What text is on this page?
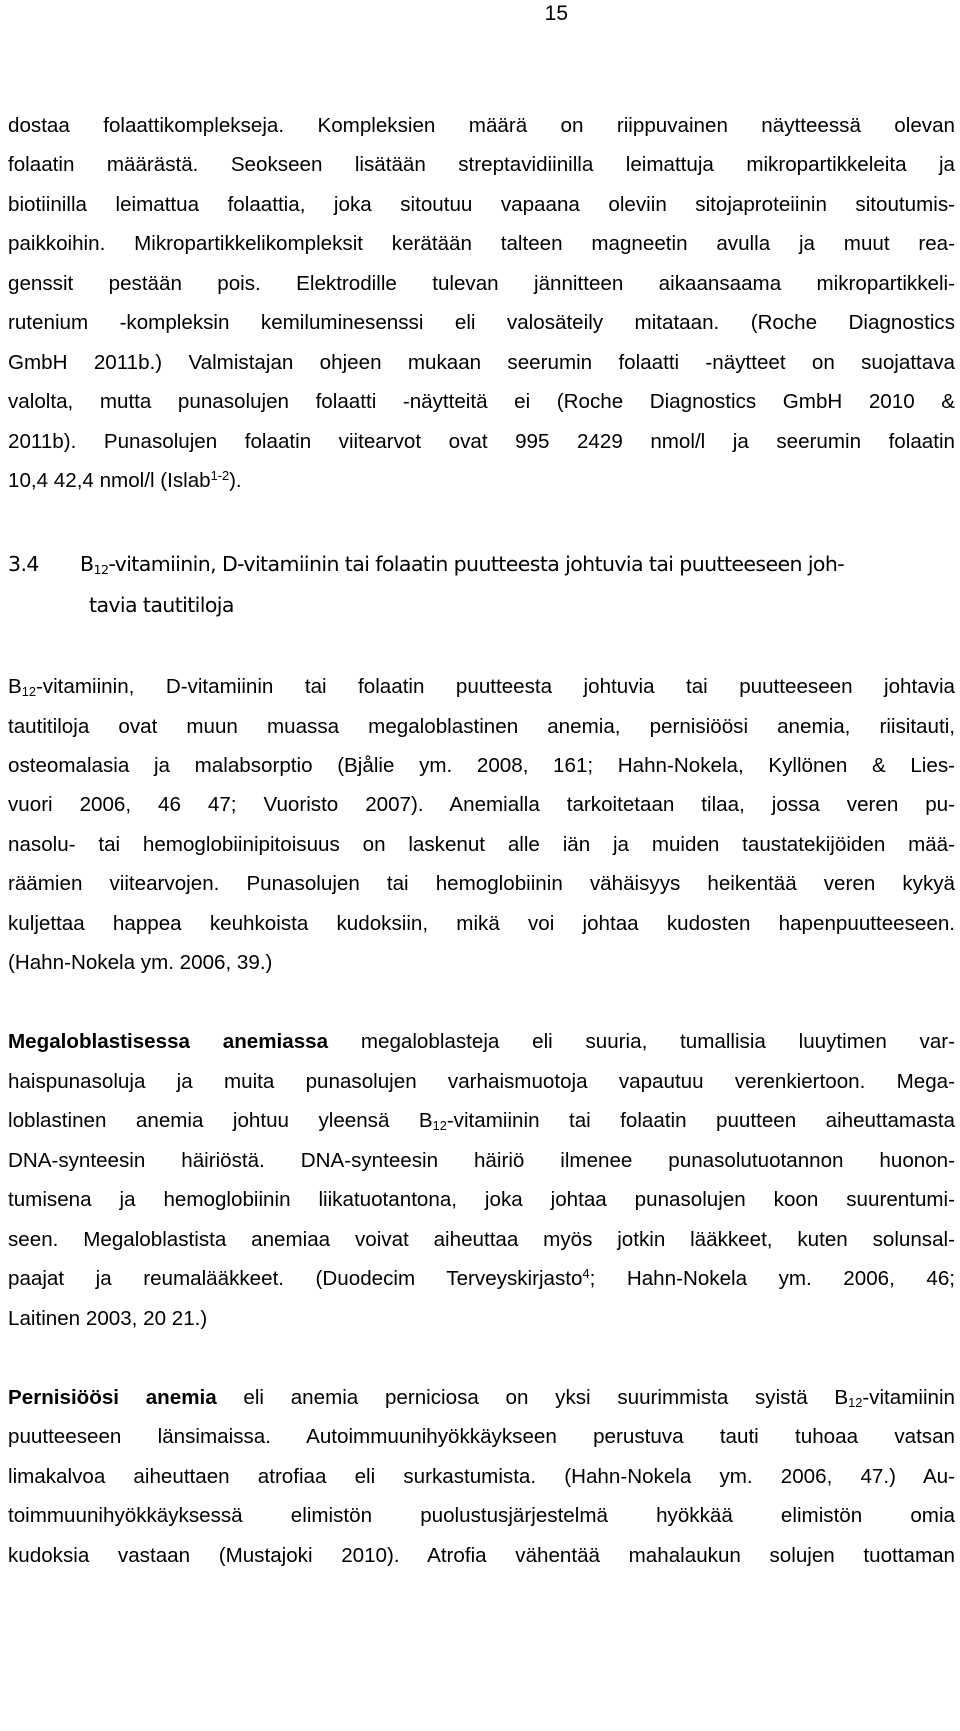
15
dostaa folaattikompleksejа. Kompleksien määrä on riippuvainen näytteessä olevan
folaatin määrästä. Seokseen lisätään streptavidiinilla leimattuja mikropartikkeleita ja
biotiinilla leimattua folaattia, joka sitoutuu vapaana oleviin sitojaproteiinin sitoutumis-
paikkoihin. Mikropartikkelikompleksit kerätään talteen magneetin avulla ja muut rea-
genssit pestään pois. Elektrodille tulevan jännitteen aikaansaama mikropartikkeli-
rutenium -kompleksin kemiluminesenssi eli valosäteily mitataan. (Roche Diagnostics
GmbH 2011b.) Valmistajan ohjeen mukaan seerumin folaatti -näytteet on suojattava
valolta, mutta punasolujen folaatti -näytteitä ei (Roche Diagnostics GmbH 2010 &
2011b). Punasolujen folaatin viitearvot ovat 995 2429 nmol/l ja seerumin folaatin
10,4 42,4 nmol/l (Islab$^{1-2}$).
3.4 $B_{12}$-vitamiinin, D-vitamiinin tai folaatin puutteesta johtuvia tai puutteeseen joh-
tavia tautitiloja
$B_{12}$-vitamiinin, D-vitamiinin tai folaatin puutteesta johtuvia tai puutteeseen johtavia
tautitiloja ovat muun muassa megaloblastinen anemia, pernisiöösi anemia, riisitauti,
osteomalasia ja malabsorptio (Bjålie ym. 2008, 161; Hahn-Nokela, Kyllönen & Lies-
vuori 2006, 46 47; Vuoristo 2007). Anemialla tarkoitetaan tilaa, jossa veren pu-
nasolu- tai hemoglobiinipitoisuus on laskenut alle iän ja muiden taustatekijöiden mää-
räämien viitearvojen. Punasolujen tai hemoglobiinin vähäisyys heikentää veren kykyä
kuljettaa happea keuhkoista kudoksiin, mikä voi johtaa kudosten hapenpuutteeseen.
(Hahn-Nokela ym. 2006, 39.)
Megaloblastisessa anemiassa megaloblasteja eli suuria, tumallisia luuytimen var-
haispunasoluja ja muita punasolujen varhaismuotoja vapautuu verenkiertoon. Mega-
loblastinen anemia johtuu yleensä $B_{12}$-vitamiinin tai folaatin puutteen aiheuttamasta
DNA-synteesin häiriöstä. DNA-synteesin häiriö ilmenee punasolutuotannon huonon-
tumisena ja hemoglobiinin liikatuotantona, joka johtaa punasolujen koon suurentumi-
seen. Megaloblastista anemiaa voivat aiheuttaa myös jotkin lääkkeet, kuten solunsal-
paajat ja reumalääkkeet. (Duodecim Terveyskirjasto$^4$; Hahn-Nokela ym. 2006, 46;
Laitinen 2003, 20 21.)
Pernisiöösi anemia eli anemia perniciosa on yksi suurimmista syistä $B_{12}$-vitamiinin
puutteeseen länsimaissa. Autoimmuunihyökkäykseen perustuva tauti tuhoaa vatsan
limakalvoa aiheuttaen atrofiaa eli surkastumista. (Hahn-Nokela ym. 2006, 47.) Au-
toimmuunihyökkäyksessä elimistön puolustusjärjestelmä hyökkää elimistön omia
kudoksia vastaan (Mustajoki 2010). Atrofia vähentää mahalaukun solujen tuottaman
